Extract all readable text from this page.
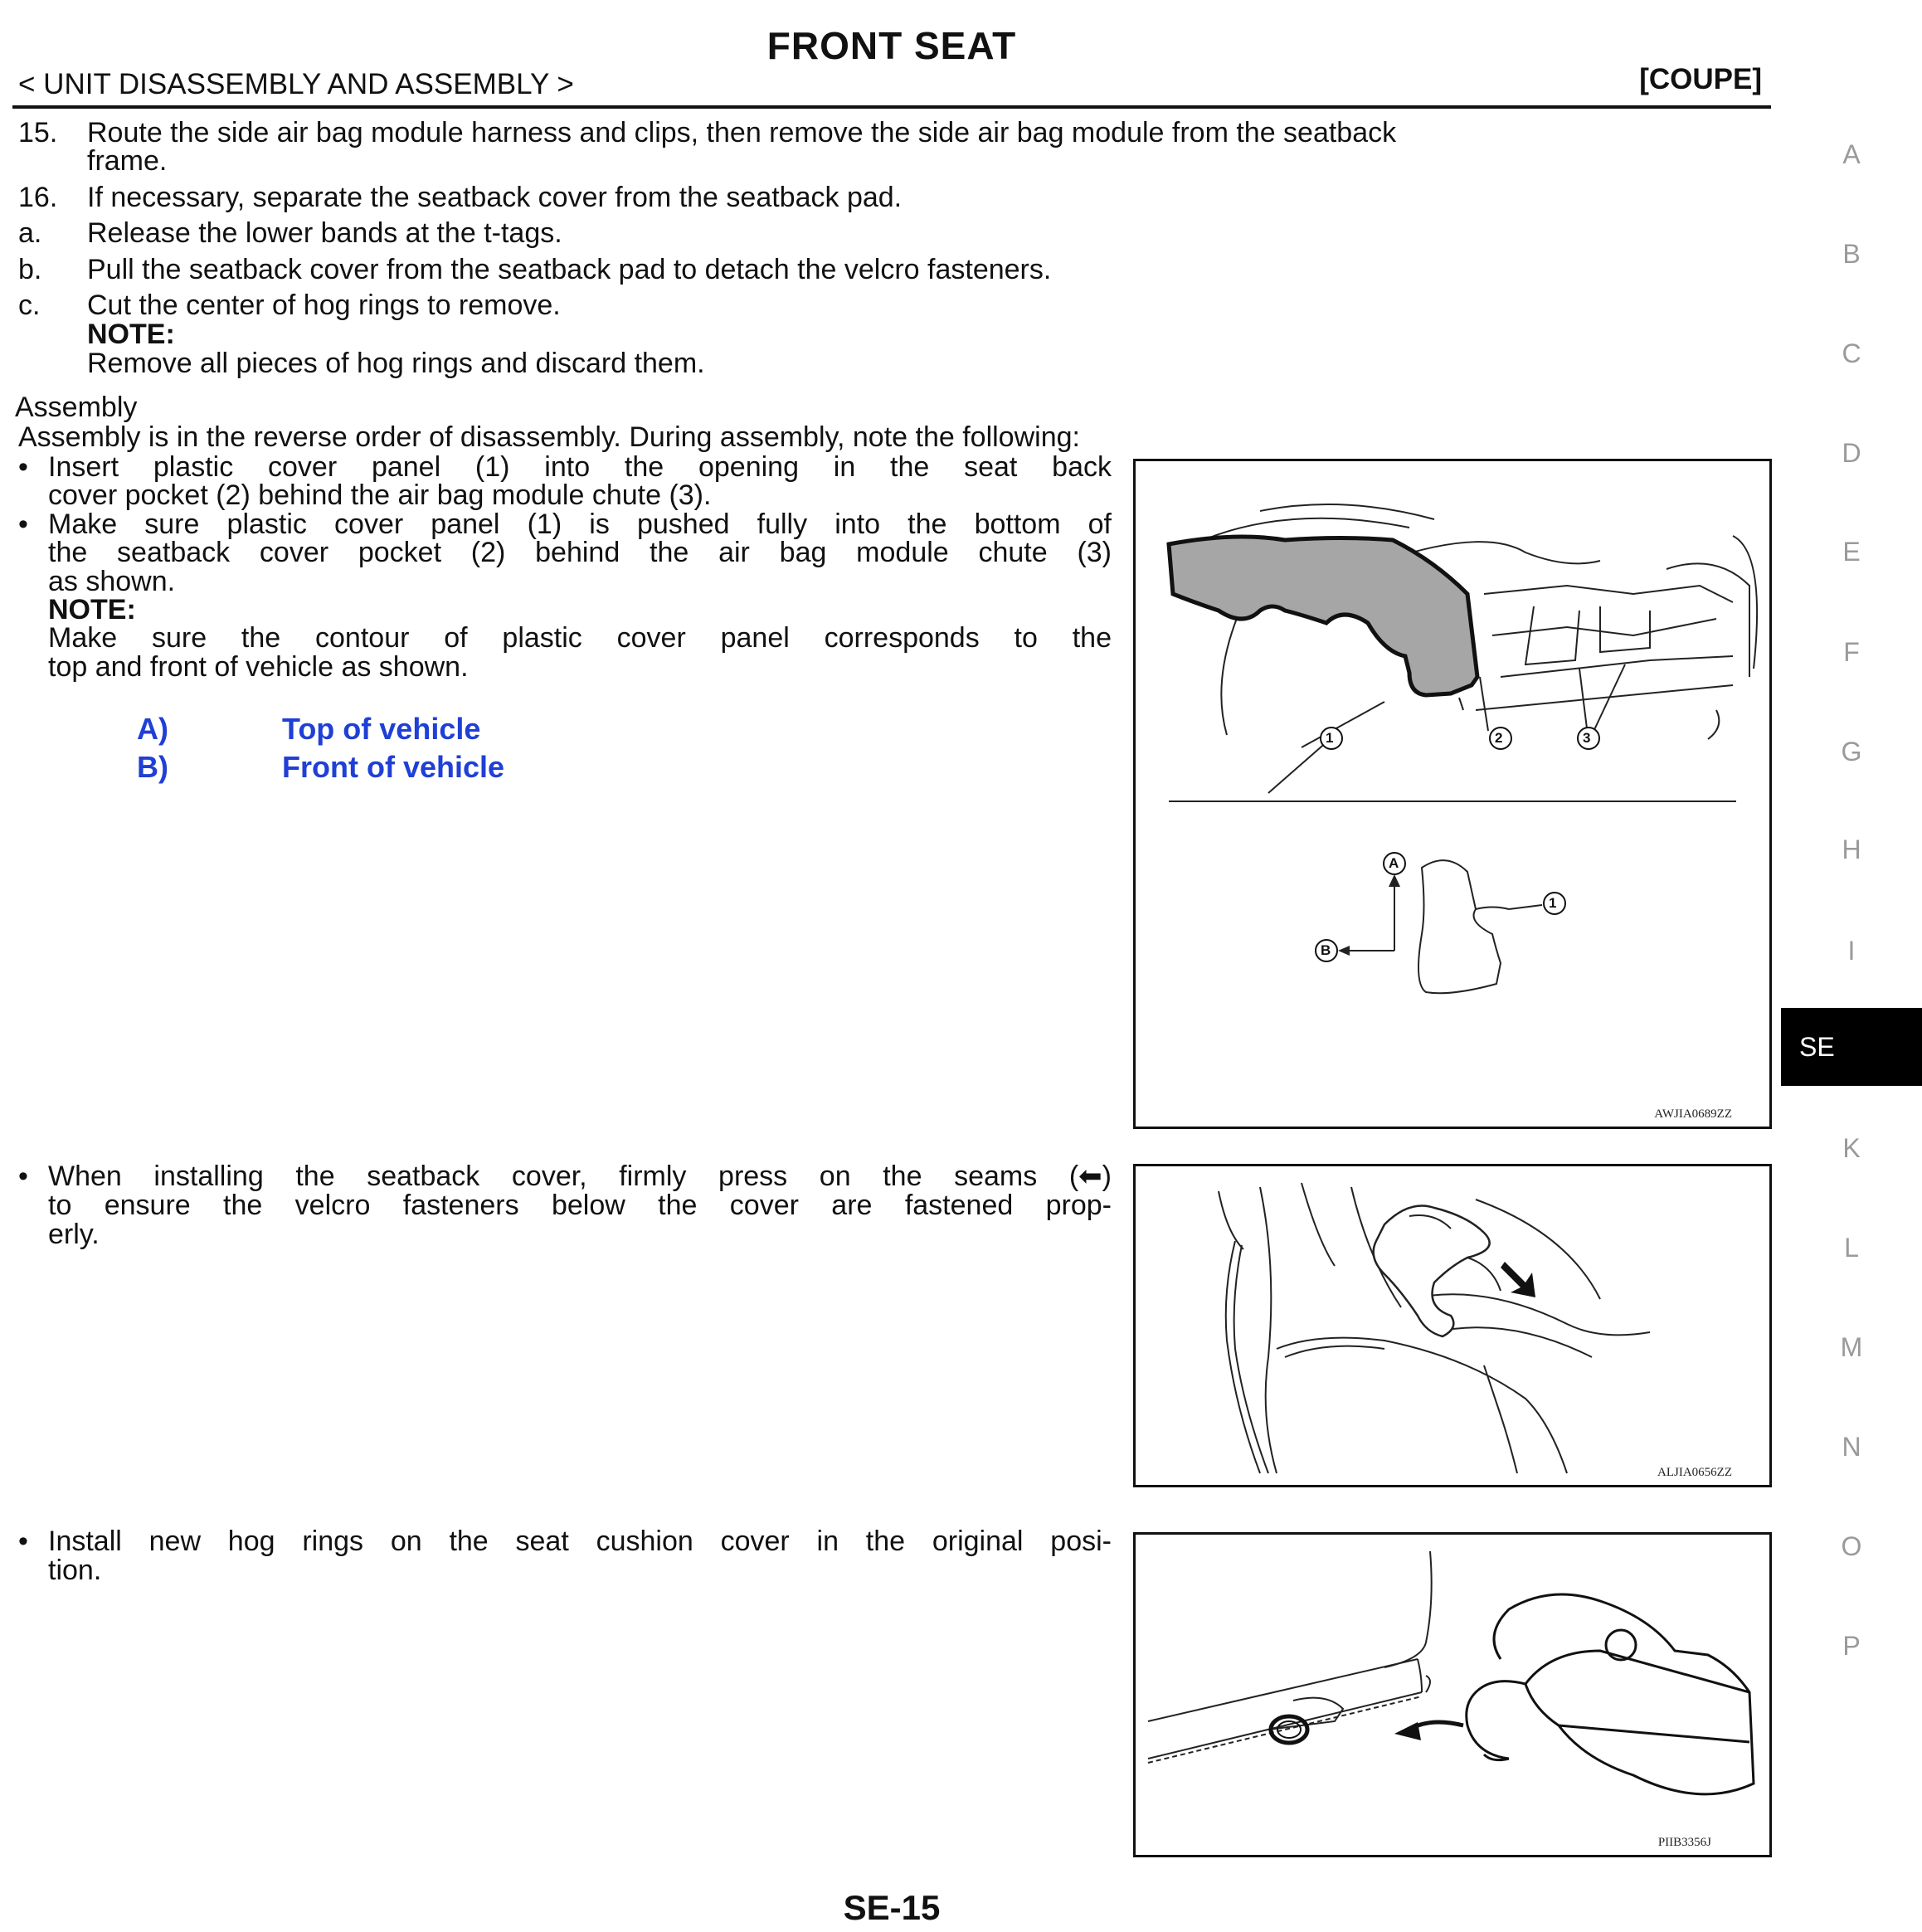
FRONT SEAT
< UNIT DISASSEMBLY AND ASSEMBLY >	[COUPE]
15. Route the side air bag module harness and clips, then remove the side air bag module from the seatback
frame.
16. If necessary, separate the seatback cover from the seatback pad.
a. Release the lower bands at the t-tags.
b. Pull the seatback cover from the seatback pad to detach the velcro fasteners.
c. Cut the center of hog rings to remove.
NOTE:
Remove all pieces of hog rings and discard them.
Assembly
Assembly is in the reverse order of disassembly. During assembly, note the following:
• Insert plastic cover panel (1) into the opening in the seat back
cover pocket (2) behind the air bag module chute (3).
• Make sure plastic cover panel (1) is pushed fully into the bottom of
the seatback cover pocket (2) behind the air bag module chute (3)
as shown.
NOTE:
Make sure the contour of plastic cover panel corresponds to the
top and front of vehicle as shown.
A)	Top of vehicle
B)	Front of vehicle
• When installing the seatback cover, firmly press on the seams (⬅)
to ensure the velcro fasteners below the cover are fastened prop-
erly.
• Install new hog rings on the seat cushion cover in the original posi-
tion.
1	2	3
A
B
1
AWJIA0689ZZ
ALJIA0656ZZ
PIIB3356J
A
B
C
D
E
F
G
H
I
SE
K
L
M
N
O
P
SE-15
